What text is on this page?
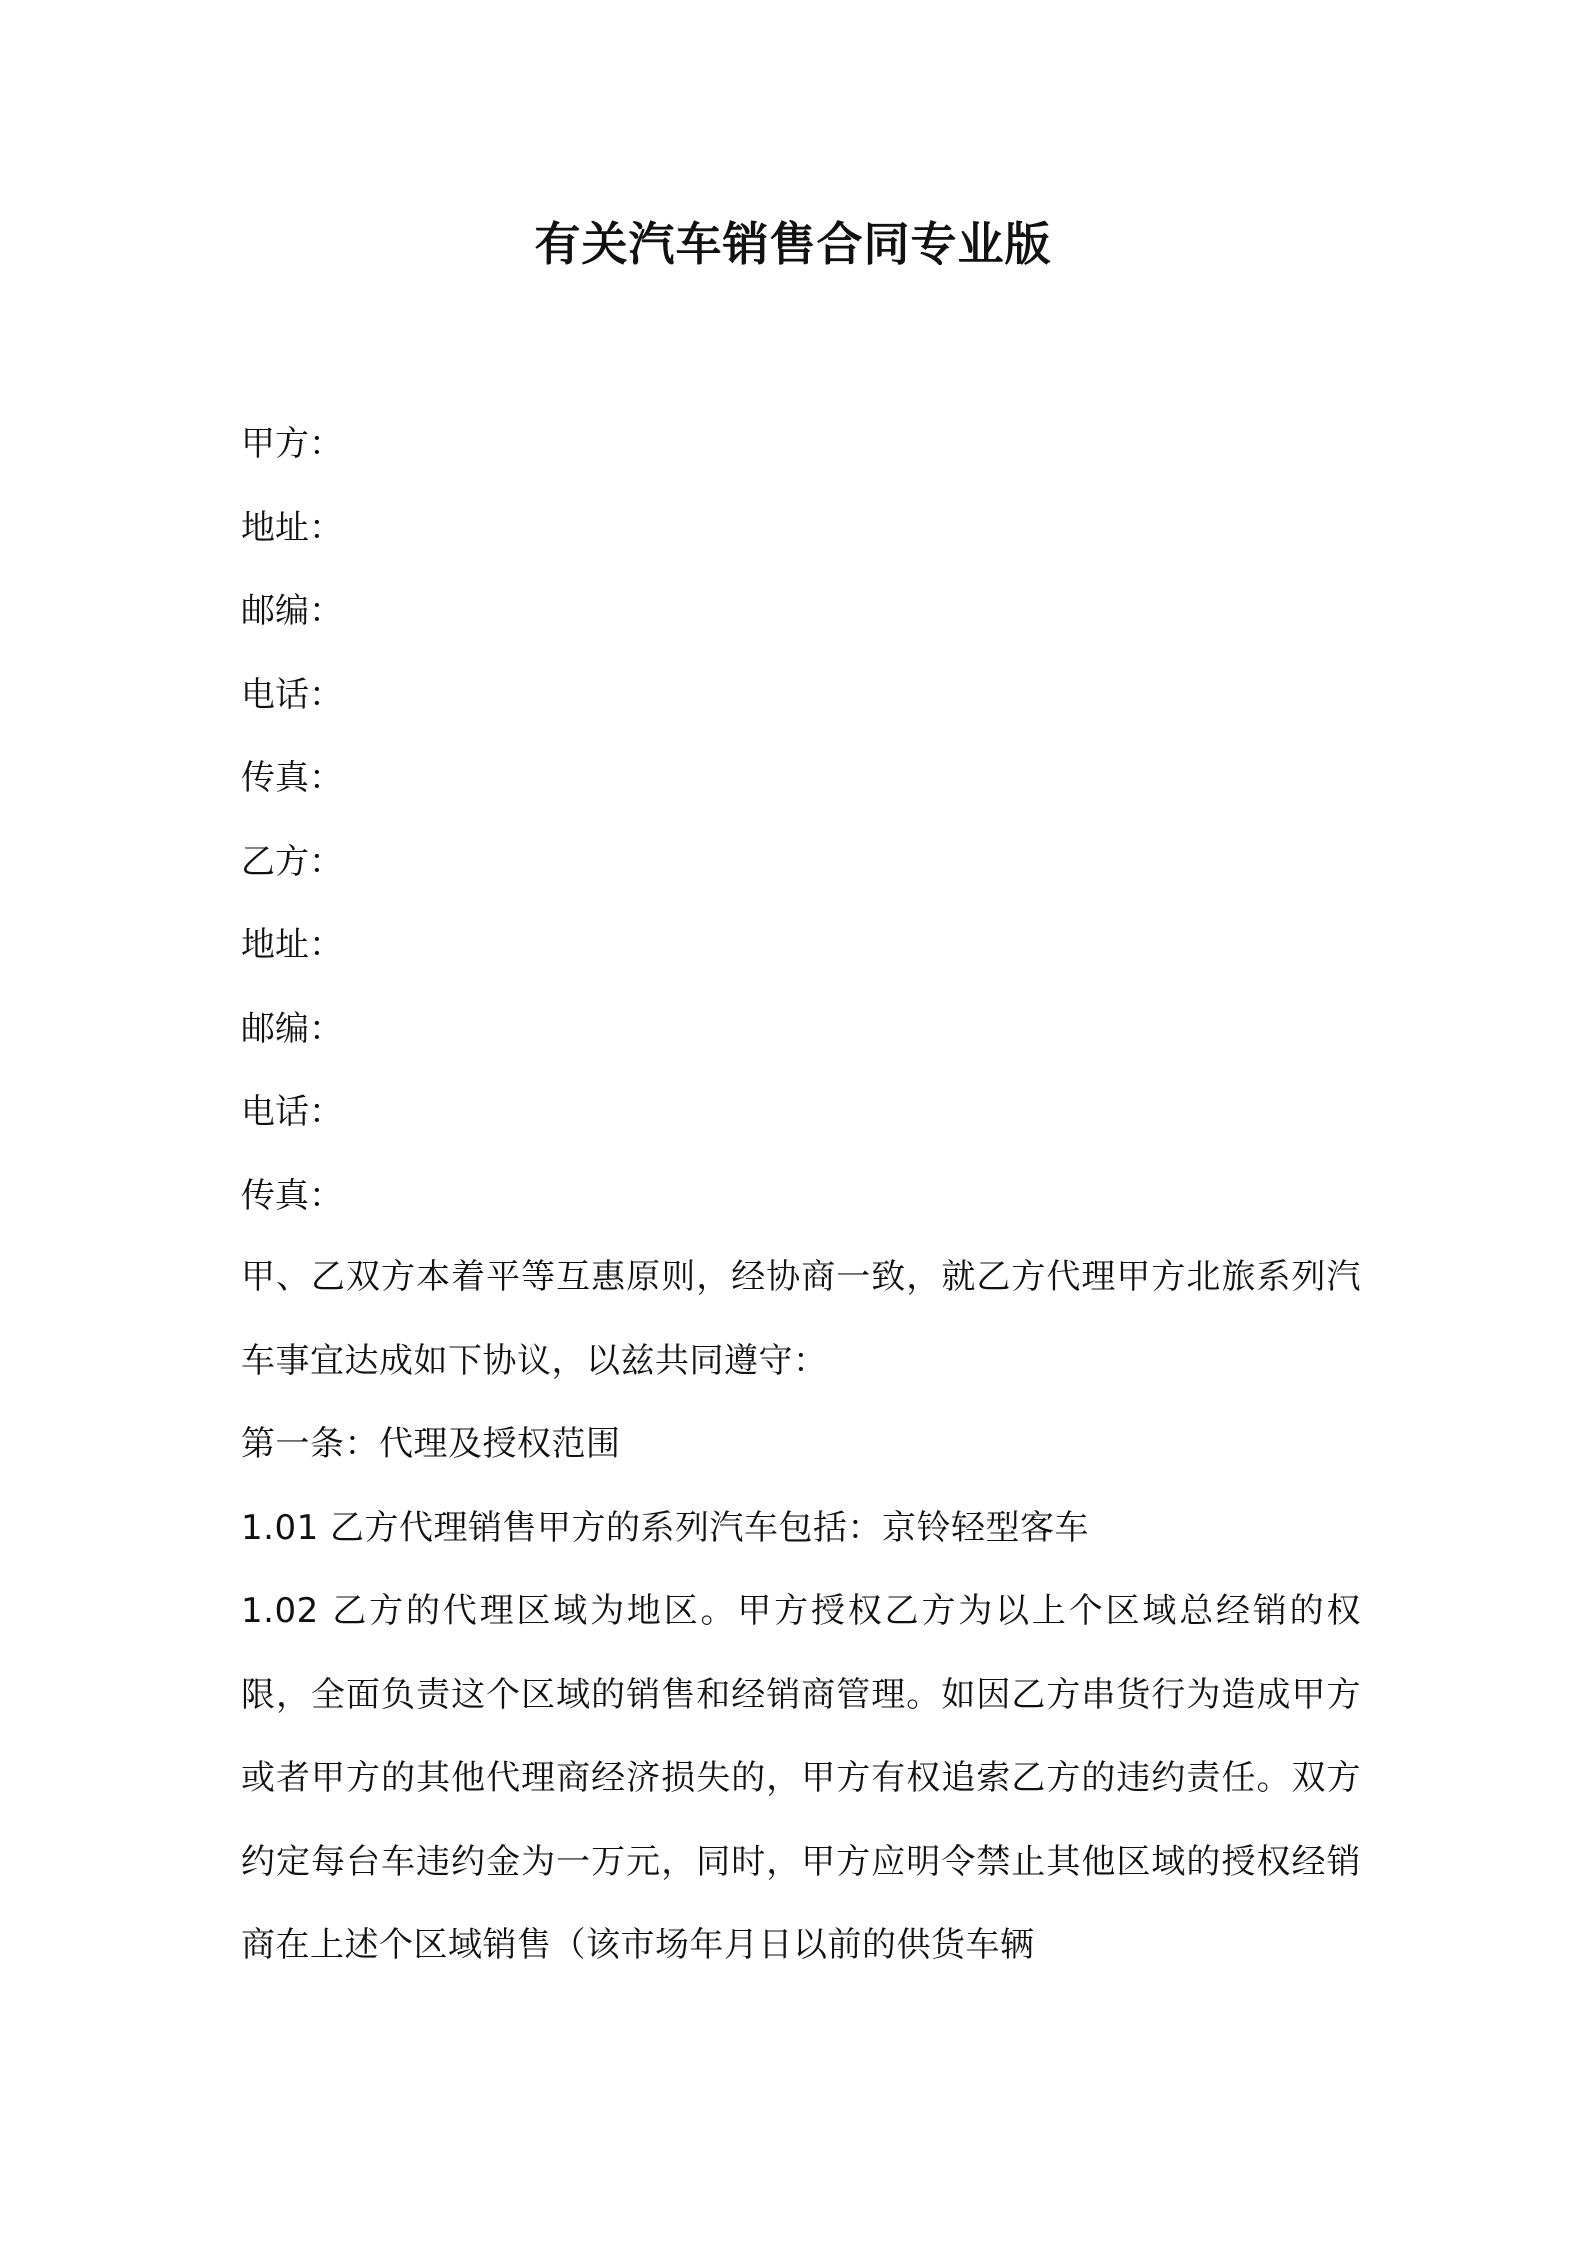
有关汽车销售合同专业版
甲方：
地址：
邮编：
电话：
传真：
乙方：
地址：
邮编：
电话：
传真：

甲、乙双方本着平等互惠原则，经协商一致，就乙方代理甲方北旅系列汽车事宜达成如下协议，以兹共同遵守：

第一条：代理及授权范围

1.01 乙方代理销售甲方的系列汽车包括：京铃轻型客车

1.02 乙方的代理区域为地区。甲方授权乙方为以上个区域总经销的权限，全面负责这个区域的销售和经销商管理。如因乙方串货行为造成甲方或者甲方的其他代理商经济损失的，甲方有权追索乙方的违约责任。双方约定每台车违约金为一万元，同时，甲方应明令禁止其他区域的授权经销商在上述个区域销售（该市场年月日以前的供货车辆
